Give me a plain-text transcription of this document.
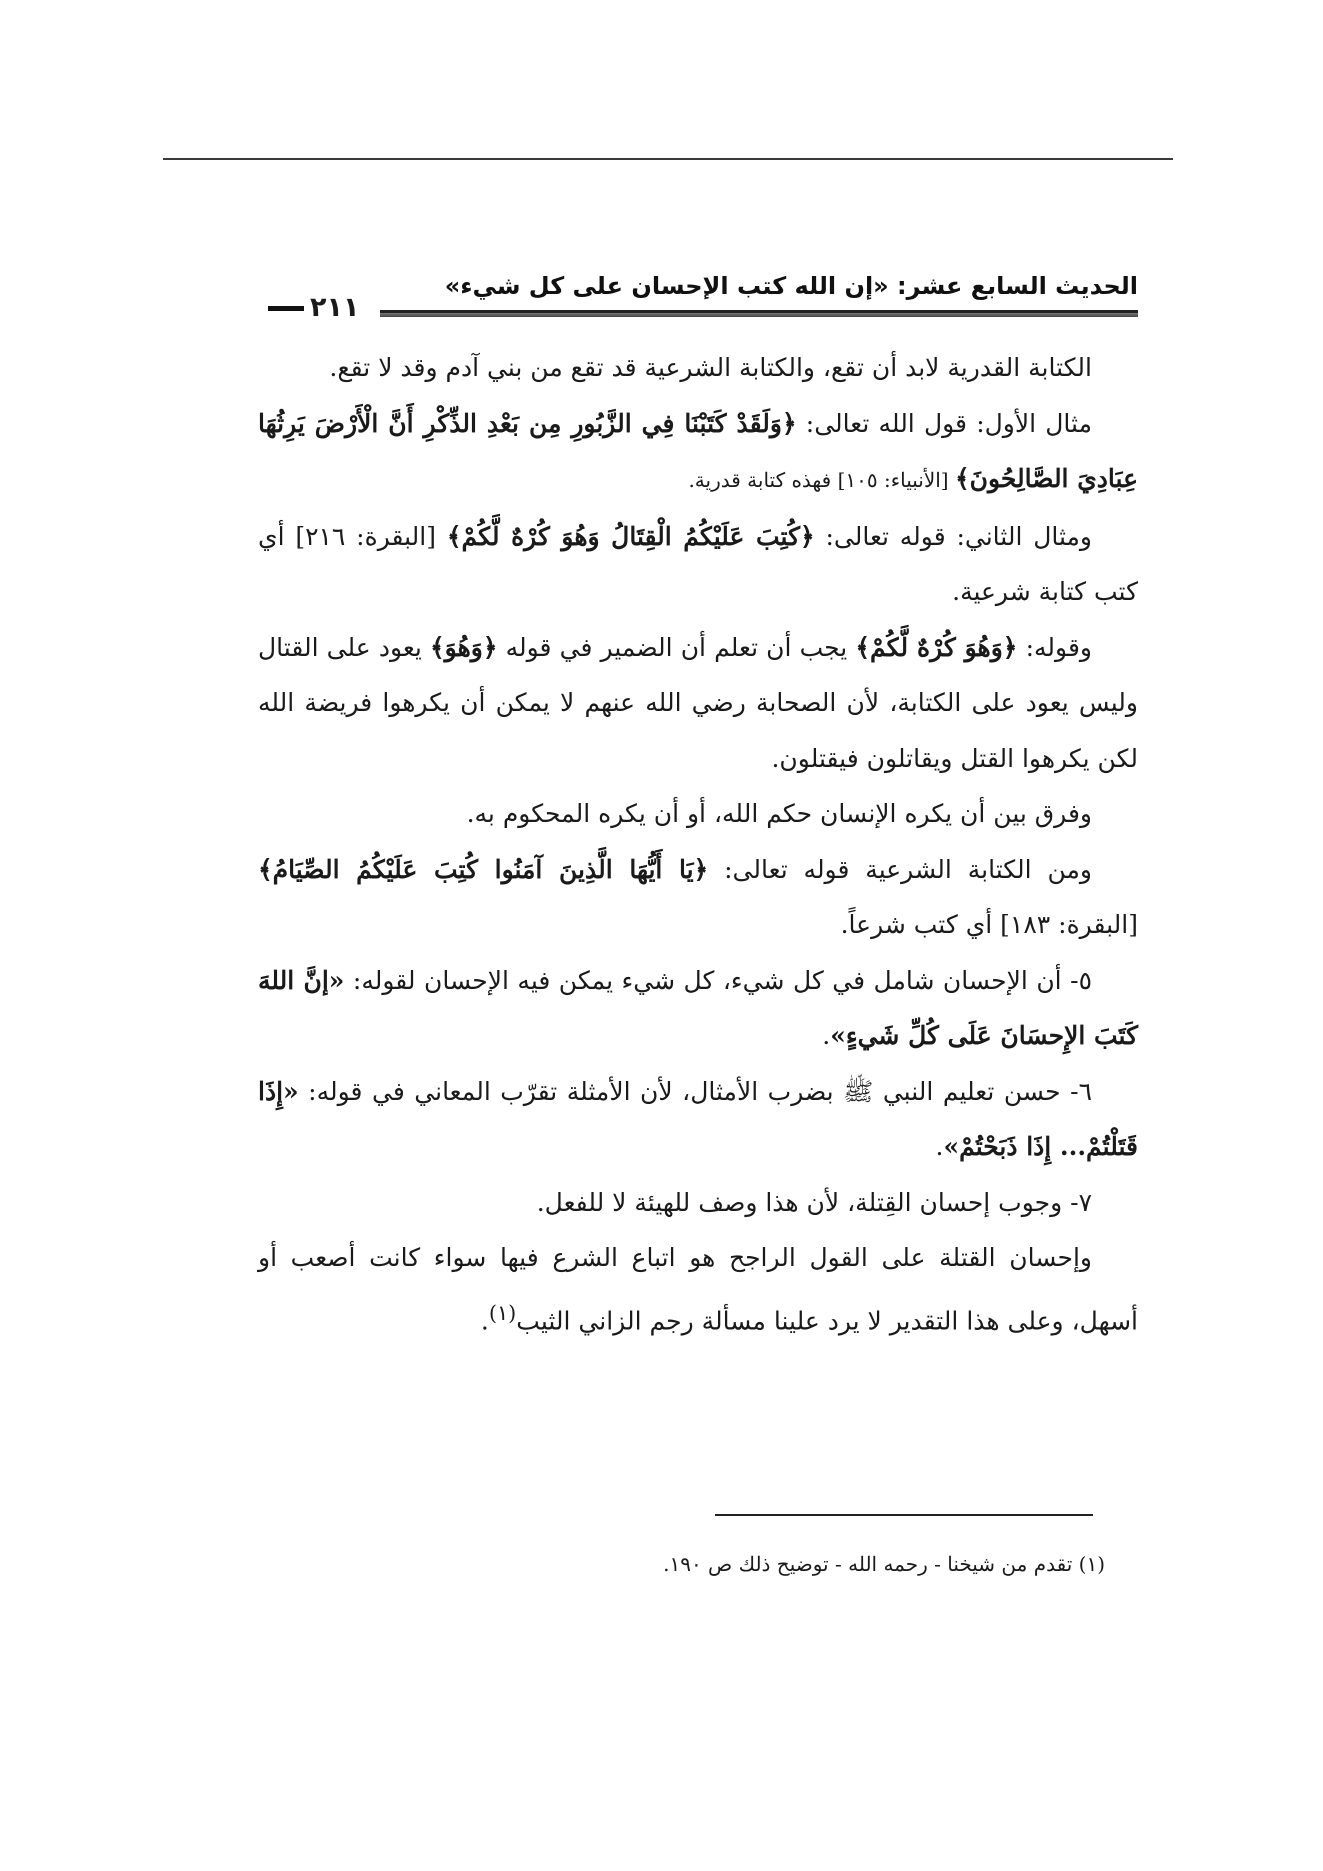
الحديث السابع عشر: «إن الله كتب الإحسان على كل شيء»
٢١١

الكتابة القدرية لابد أن تقع، والكتابة الشرعية قد تقع من بني آدم وقد لا تقع.

مثال الأول: قول الله تعالى: ﴿وَلَقَدْ كَتَبْنَا فِي الزَّبُورِ مِن بَعْدِ الذِّكْرِ أَنَّ الْأَرْضَ يَرِثُهَا عِبَادِيَ الصَّالِحُونَ﴾ [الأنبياء: ١٠٥] فهذه كتابة قدرية.

ومثال الثاني: قوله تعالى: ﴿كُتِبَ عَلَيْكُمُ الْقِتَالُ وَهُوَ كُرْهٌ لَّكُمْ﴾ [البقرة: ٢١٦] أي كتب كتابة شرعية.

وقوله: ﴿وَهُوَ كُرْهٌ لَّكُمْ﴾ يجب أن تعلم أن الضمير في قوله ﴿وَهُوَ﴾ يعود على القتال وليس يعود على الكتابة، لأن الصحابة رضي الله عنهم لا يمكن أن يكرهوا فريضة الله لكن يكرهوا القتل ويقاتلون فيقتلون.

وفرق بين أن يكره الإنسان حكم الله، أو أن يكره المحكوم به.

ومن الكتابة الشرعية قوله تعالى: ﴿يَا أَيُّهَا الَّذِينَ آمَنُوا كُتِبَ عَلَيْكُمُ الصِّيَامُ﴾ [البقرة: ١٨٣] أي كتب شرعاً.

٥- أن الإحسان شامل في كل شيء، كل شيء يمكن فيه الإحسان لقوله: «إنَّ اللهَ كَتَبَ الإِحسَانَ عَلَى كُلِّ شَيءٍ».

٦- حسن تعليم النبي ﷺ بضرب الأمثال، لأن الأمثلة تقرّب المعاني في قوله: «إِذَا قَتَلْتُمْ... إِذَا ذَبَحْتُمْ».

٧- وجوب إحسان القِتلة، لأن هذا وصف للهيئة لا للفعل.

وإحسان القتلة على القول الراجح هو اتباع الشرع فيها سواء كانت أصعب أو أسهل، وعلى هذا التقدير لا يرد علينا مسألة رجم الزاني الثيب$^{(١)}$.

(١) تقدم من شيخنا - رحمه الله - توضيح ذلك ص ١٩٠.
